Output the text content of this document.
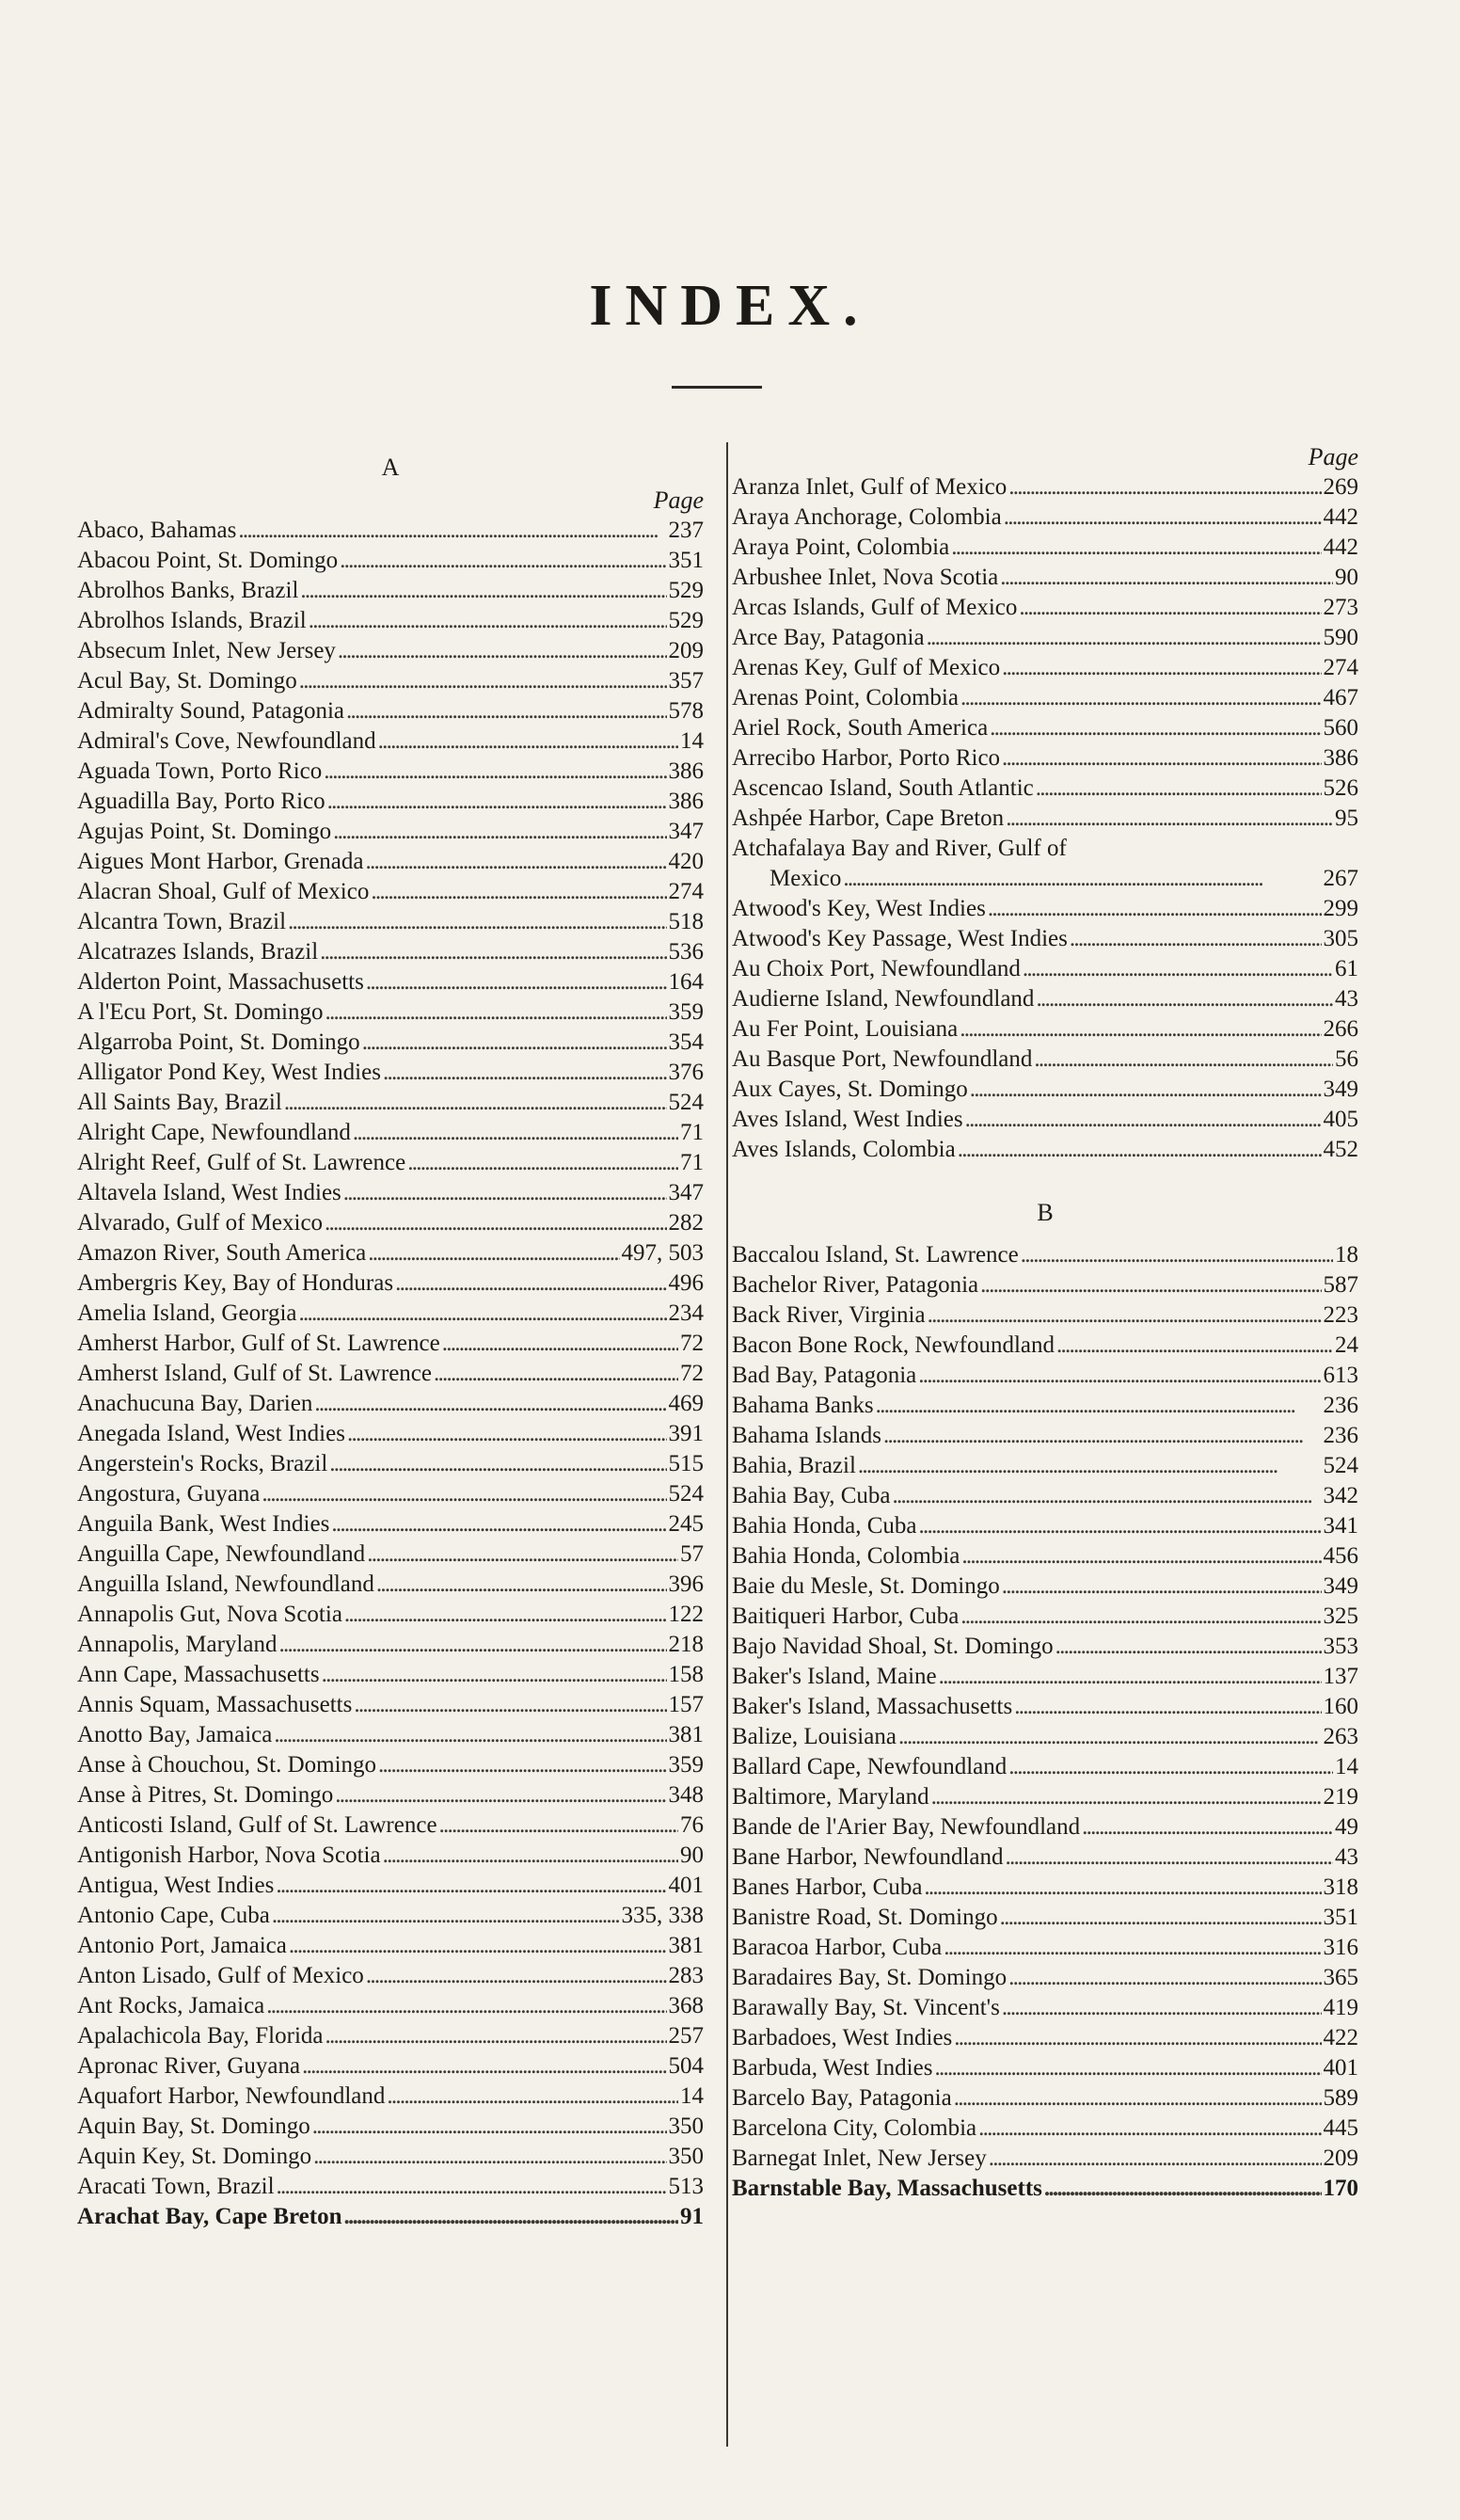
INDEX.
A
Page
Abaco, Bahamas . . .	237
Abacou Point, St. Domingo . . .	351
Abrolhos Banks, Brazil . . .	529
Abrolhos Islands, Brazil . . .	529
Absecum Inlet, New Jersey . . .	209
Acul Bay, St. Domingo . . .	357
Admiralty Sound, Patagonia . . .	578
Admiral's Cove, Newfoundland . . .	14
Aguada Town, Porto Rico . . .	386
Aguadilla Bay, Porto Rico . . .	386
Agujas Point, St. Domingo . . .	347
Aigues Mont Harbor, Grenada . . .	420
Alacran Shoal, Gulf of Mexico . . .	274
Alcantra Town, Brazil . . .	518
Alcatrazes Islands, Brazil . . .	536
Alderton Point, Massachusetts . . .	164
A l'Ecu Port, St. Domingo . . .	359
Algarroba Point, St. Domingo . . .	354
Alligator Pond Key, West Indies . . .	376
All Saints Bay, Brazil . . .	524
Alright Cape, Newfoundland . . .	71
Alright Reef, Gulf of St. Lawrence . . .	71
Altavela Island, West Indies . . .	347
Alvarado, Gulf of Mexico . . .	282
Amazon River, South America . . .	497, 503
Ambergris Key, Bay of Honduras . . .	496
Amelia Island, Georgia . . .	234
Amherst Harbor, Gulf of St. Lawrence . . .	72
Amherst Island, Gulf of St. Lawrence . . .	72
Anachucuna Bay, Darien . . .	469
Anegada Island, West Indies . . .	391
Angerstein's Rocks, Brazil . . .	515
Angostura, Guyana . . .	524
Anguila Bank, West Indies . . .	245
Anguilla Cape, Newfoundland . . .	57
Anguilla Island, Newfoundland . . .	396
Annapolis Gut, Nova Scotia . . .	122
Annapolis, Maryland . . .	218
Ann Cape, Massachusetts . . .	158
Annis Squam, Massachusetts . . .	157
Anotto Bay, Jamaica . . .	381
Anse à Chouchou, St. Domingo . . .	359
Anse à Pitres, St. Domingo . . .	348
Anticosti Island, Gulf of St. Lawrence . . .	76
Antigonish Harbor, Nova Scotia . . .	90
Antigua, West Indies . . .	401
Antonio Cape, Cuba . . .	335, 338
Antonio Port, Jamaica . . .	381
Anton Lisado, Gulf of Mexico . . .	283
Ant Rocks, Jamaica . . .	368
Apalachicola Bay, Florida . . .	257
Apronac River, Guyana . . .	504
Aquafort Harbor, Newfoundland . . .	14
Aquin Bay, St. Domingo . . .	350
Aquin Key, St. Domingo . . .	350
Aracati Town, Brazil . . .	513
Arachat Bay, Cape Breton . . .	91
Page
Aranza Inlet, Gulf of Mexico . . .	269
Araya Anchorage, Colombia . . .	442
Araya Point, Colombia . . .	442
Arbushee Inlet, Nova Scotia . . .	90
Arcas Islands, Gulf of Mexico . . .	273
Arce Bay, Patagonia . . .	590
Arenas Key, Gulf of Mexico . . .	274
Arenas Point, Colombia . . .	467
Ariel Rock, South America . . .	560
Arrecibo Harbor, Porto Rico . . .	386
Ascencao Island, South Atlantic . . .	526
Ashpée Harbor, Cape Breton . . .	95
Atchafalaya Bay and River, Gulf of
Mexico . . .	267
Atwood's Key, West Indies . . .	299
Atwood's Key Passage, West Indies . . .	305
Au Choix Port, Newfoundland . . .	61
Audierne Island, Newfoundland . . .	43
Au Fer Point, Louisiana . . .	266
Au Basque Port, Newfoundland . . .	56
Aux Cayes, St. Domingo . . .	349
Aves Island, West Indies . . .	405
Aves Islands, Colombia . . .	452
B
Baccalou Island, St. Lawrence . . .	18
Bachelor River, Patagonia . . .	587
Back River, Virginia . . .	223
Bacon Bone Rock, Newfoundland . . .	24
Bad Bay, Patagonia . . .	613
Bahama Banks . . .	236
Bahama Islands . . .	236
Bahia, Brazil . . .	524
Bahia Bay, Cuba . . .	342
Bahia Honda, Cuba . . .	341
Bahia Honda, Colombia . . .	456
Baie du Mesle, St. Domingo . . .	349
Baitiqueri Harbor, Cuba . . .	325
Bajo Navidad Shoal, St. Domingo . . .	353
Baker's Island, Maine . . .	137
Baker's Island, Massachusetts . . .	160
Balize, Louisiana . . .	263
Ballard Cape, Newfoundland . . .	14
Baltimore, Maryland . . .	219
Bande de l'Arier Bay, Newfoundland . . .	49
Bane Harbor, Newfoundland . . .	43
Banes Harbor, Cuba . . .	318
Banistre Road, St. Domingo . . .	351
Baracoa Harbor, Cuba . . .	316
Baradaires Bay, St. Domingo . . .	365
Barawally Bay, St. Vincent's . . .	419
Barbadoes, West Indies . . .	422
Barbuda, West Indies . . .	401
Barcelo Bay, Patagonia . . .	589
Barcelona City, Colombia . . .	445
Barnegat Inlet, New Jersey . . .	209
Barnstable Bay, Massachusetts . . .	170
